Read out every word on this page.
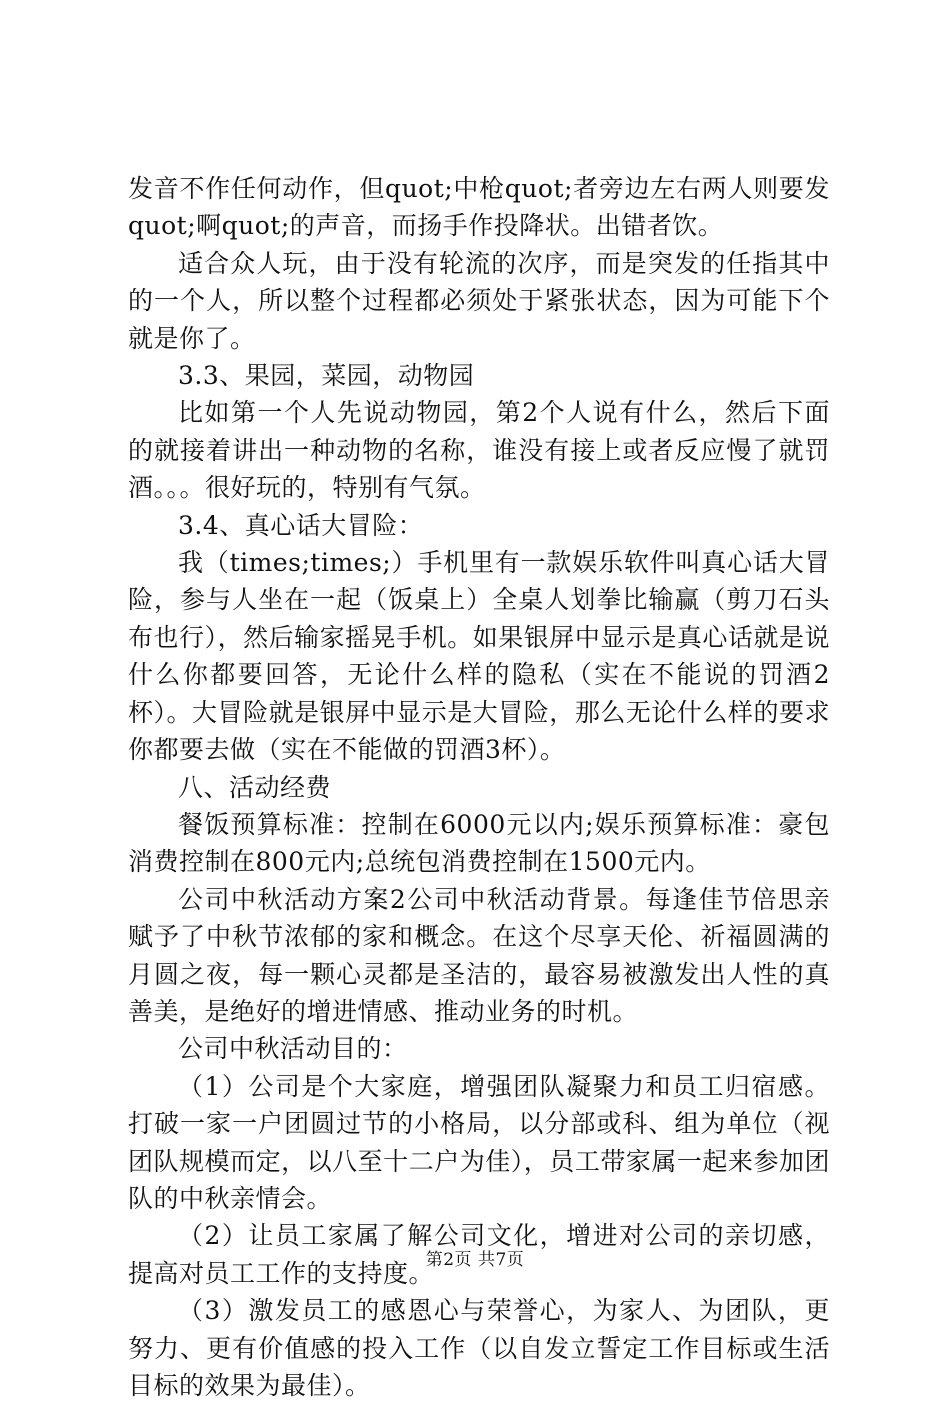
发音不作任何动作，但quot;中枪quot;者旁边左右两人则要发quot;啊quot;的声音，而扬手作投降状。出错者饮。

适合众人玩，由于没有轮流的次序，而是突发的任指其中的一个人，所以整个过程都必须处于紧张状态，因为可能下个就是你了。

3.3、果园，菜园，动物园

比如第一个人先说动物园，第2个人说有什么，然后下面的就接着讲出一种动物的名称，谁没有接上或者反应慢了就罚酒。。。很好玩的，特别有气氛。

3.4、真心话大冒险：

我（times;times;）手机里有一款娱乐软件叫真心话大冒险，参与人坐在一起（饭桌上）全桌人划拳比输赢（剪刀石头布也行），然后输家摇晃手机。如果银屏中显示是真心话就是说什么你都要回答，无论什么样的隐私（实在不能说的罚酒2杯）。大冒险就是银屏中显示是大冒险，那么无论什么样的要求你都要去做（实在不能做的罚酒3杯）。

八、活动经费

餐饭预算标准：控制在6000元以内;娱乐预算标准：豪包消费控制在800元内;总统包消费控制在1500元内。

公司中秋活动方案2公司中秋活动背景。每逢佳节倍思亲赋予了中秋节浓郁的家和概念。在这个尽享天伦、祈福圆满的月圆之夜，每一颗心灵都是圣洁的，最容易被激发出人性的真善美，是绝好的增进情感、推动业务的时机。

公司中秋活动目的：

（1）公司是个大家庭，增强团队凝聚力和员工归宿感。打破一家一户团圆过节的小格局，以分部或科、组为单位（视团队规模而定，以八至十二户为佳），员工带家属一起来参加团队的中秋亲情会。

（2）让员工家属了解公司文化，增进对公司的亲切感，提高对员工工作的支持度。

（3）激发员工的感恩心与荣誉心，为家人、为团队，更努力、更有价值感的投入工作（以自发立誓定工作目标或生活目标的效果为最佳）。

第2页 共7页
